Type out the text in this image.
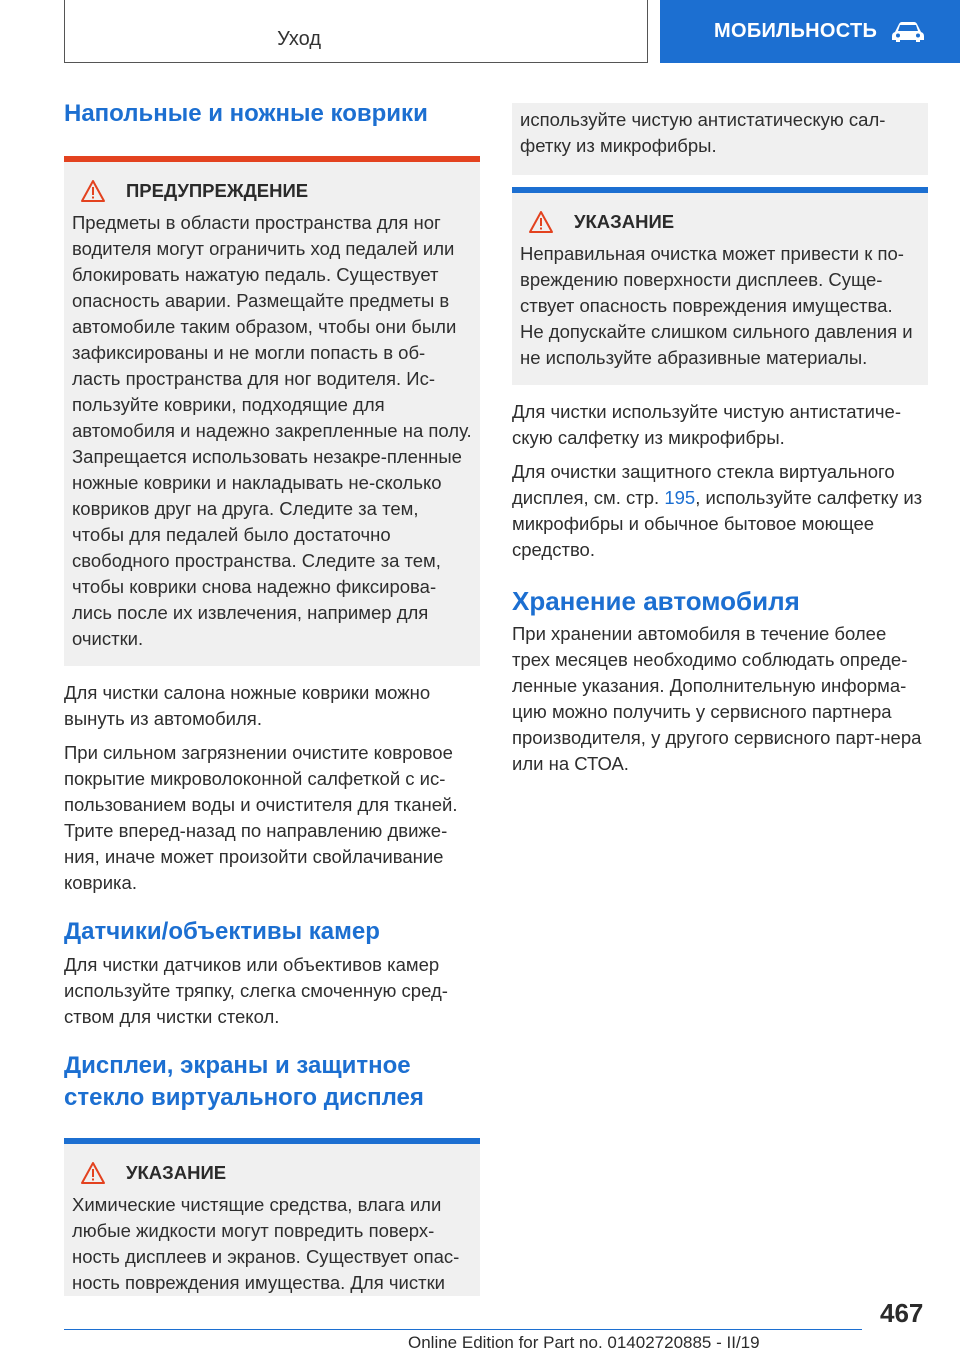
Уход	МОБИЛЬНОСТЬ
Напольные и ножные коврики
ПРЕДУПРЕЖДЕНИЕ

Предметы в области пространства для ног водителя могут ограничить ход педалей или блокировать нажатую педаль. Существует опасность аварии. Размещайте предметы в автомобиле таким образом, чтобы они были зафиксированы и не могли попасть в об-ласть пространства для ног водителя. Ис-пользуйте коврики, подходящие для автомобиля и надежно закрепленные на полу. Запрещается использовать незакре-пленные ножные коврики и накладывать не-сколько ковриков друг на друга. Следите за тем, чтобы для педалей было достаточно свободного пространства. Следите за тем, чтобы коврики снова надежно фиксирова-лись после их извлечения, например для очистки.

Для чистки салона ножные коврики можно вынуть из автомобиля.

При сильном загрязнении очистите ковровое покрытие микроволоконной салфеткой с ис-пользованием воды и очистителя для тканей. Трите вперед-назад по направлению движе-ния, иначе может произойти свойлачивание коврика.

Датчики/объективы камер

Для чистки датчиков или объективов камер используйте тряпку, слегка смоченную сред-ством для чистки стекол.

Дисплеи, экраны и защитное стекло виртуального дисплея
УКАЗАНИЕ

Химические чистящие средства, влага или любые жидкости могут повредить поверх-ность дисплеев и экранов. Существует опас-ность повреждения имущества. Для чистки

используйте чистую антистатическую сал-фетку из микрофибры.

УКАЗАНИЕ

Неправильная очистка может привести к по-вреждению поверхности дисплеев. Суще-ствует опасность повреждения имущества. Не допускайте слишком сильного давления и не используйте абразивные материалы.

Для чистки используйте чистую антистатиче-скую салфетку из микрофибры.

Для очистки защитного стекла виртуального дисплея, см. стр. 195, используйте салфетку из микрофибры и обычное бытовое моющее средство.

Хранение автомобиля

При хранении автомобиля в течение более трех месяцев необходимо соблюдать опреде-ленные указания. Дополнительную информа-цию можно получить у сервисного партнера производителя, у другого сервисного парт-нера или на СТОА.

467
Online Edition for Part no. 01402720885 - II/19
